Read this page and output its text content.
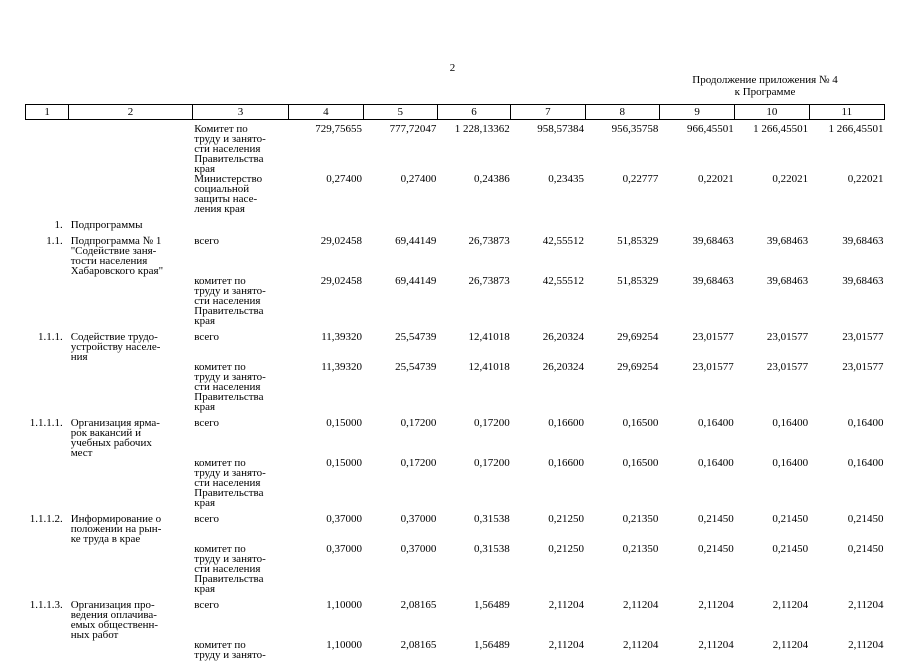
2
Продолжение приложения № 4
к Программе
1	2	3	4	5	6	7	8	9	10	11
		Комитет по
труду и занято-
сти населения
Правительства
края	729,75655	777,72047	1 228,13362	958,57384	956,35758	966,45501	1 266,45501	1 266,45501
		Министерство
социальной
защиты насе-
ления края	0,27400	0,27400	0,24386	0,23435	0,22777	0,22021	0,22021	0,22021
1.	Подпрограммы									
1.1.	Подпрограмма № 1
"Содействие заня-
тости населения
Хабаровского края"	всего	29,02458	69,44149	26,73873	42,55512	51,85329	39,68463	39,68463	39,68463
		комитет по
труду и занято-
сти населения
Правительства
края	29,02458	69,44149	26,73873	42,55512	51,85329	39,68463	39,68463	39,68463
1.1.1.	Содействие трудо-
устройству населе-
ния	всего	11,39320	25,54739	12,41018	26,20324	29,69254	23,01577	23,01577	23,01577
		комитет по
труду и занято-
сти населения
Правительства
края	11,39320	25,54739	12,41018	26,20324	29,69254	23,01577	23,01577	23,01577
1.1.1.1.	Организация ярма-
рок вакансий и
учебных рабочих
мест	всего	0,15000	0,17200	0,17200	0,16600	0,16500	0,16400	0,16400	0,16400
		комитет по
труду и занято-
сти населения
Правительства
края	0,15000	0,17200	0,17200	0,16600	0,16500	0,16400	0,16400	0,16400
1.1.1.2.	Информирование о
положении на рын-
ке труда в крае	всего	0,37000	0,37000	0,31538	0,21250	0,21350	0,21450	0,21450	0,21450
		комитет по
труду и занято-
сти населения
Правительства
края	0,37000	0,37000	0,31538	0,21250	0,21350	0,21450	0,21450	0,21450
1.1.1.3.	Организация про-
ведения оплачива-
емых общественн-
ных работ	всего	1,10000	2,08165	1,56489	2,11204	2,11204	2,11204	2,11204	2,11204
		комитет по
труду и занято-	1,10000	2,08165	1,56489	2,11204	2,11204	2,11204	2,11204	2,11204
